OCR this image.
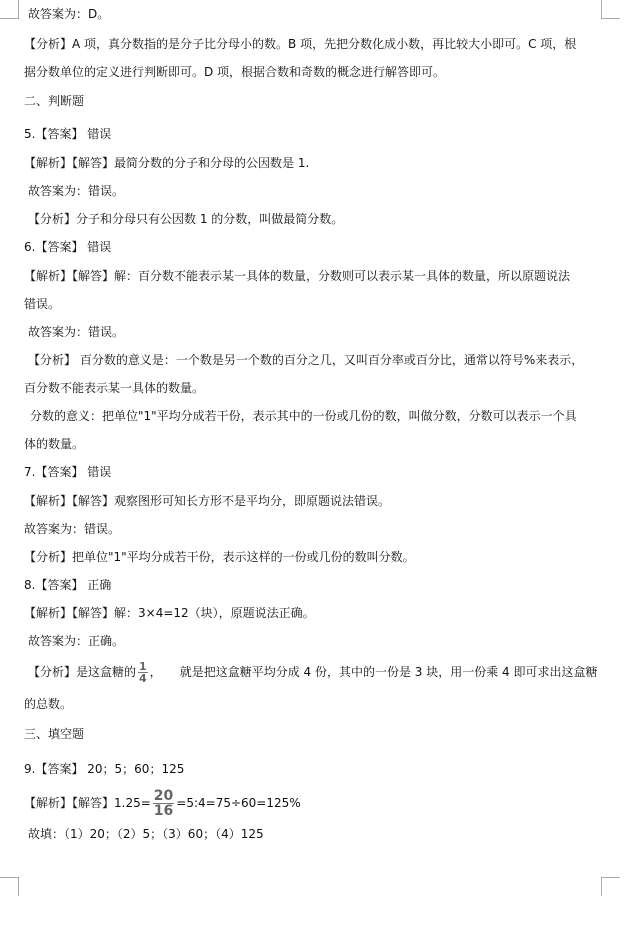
故答案为：D。
【分析】A 项，真分数指的是分子比分母小的数。B 项，先把分数化成小数，再比较大小即可。C 项，根
据分数单位的定义进行判断即可。D 项，根据合数和奇数的概念进行解答即可。
二、判断题
5.【答案】 错误
【解析】【解答】最简分数的分子和分母的公因数是 1.
故答案为：错误。
【分析】分子和分母只有公因数 1 的分数，叫做最简分数。
6.【答案】 错误
【解析】【解答】解：百分数不能表示某一具体的数量，分数则可以表示某一具体的数量，所以原题说法
错误。
故答案为：错误。
【分析】 百分数的意义是：一个数是另一个数的百分之几，又叫百分率或百分比，通常以符号%来表示，
百分数不能表示某一具体的数量。
分数的意义：把单位"1"平均分成若干份，表示其中的一份或几份的数，叫做分数，分数可以表示一个具
体的数量。
7.【答案】 错误
【解析】【解答】观察图形可知长方形不是平均分，即原题说法错误。
故答案为：错误。
【分析】把单位"1"平均分成若干份，表示这样的一份或几份的数叫分数。
8.【答案】 正确
【解析】【解答】解：3×4=12（块），原题说法正确。
故答案为：正确。
【分析】是这盒糖的 $\frac{1}{4}$ ， 就是把这盒糖平均分成 4 份，其中的一份是 3 块，用一份乘 4 即可求出这盒糖
的总数。
三、填空题
9.【答案】 20；5；60；125
【解析】【解答】$1.25= \frac{20}{16}$ =5:4=75÷60=125%
故填：（1）20；（2）5；（3）60；（4）125
